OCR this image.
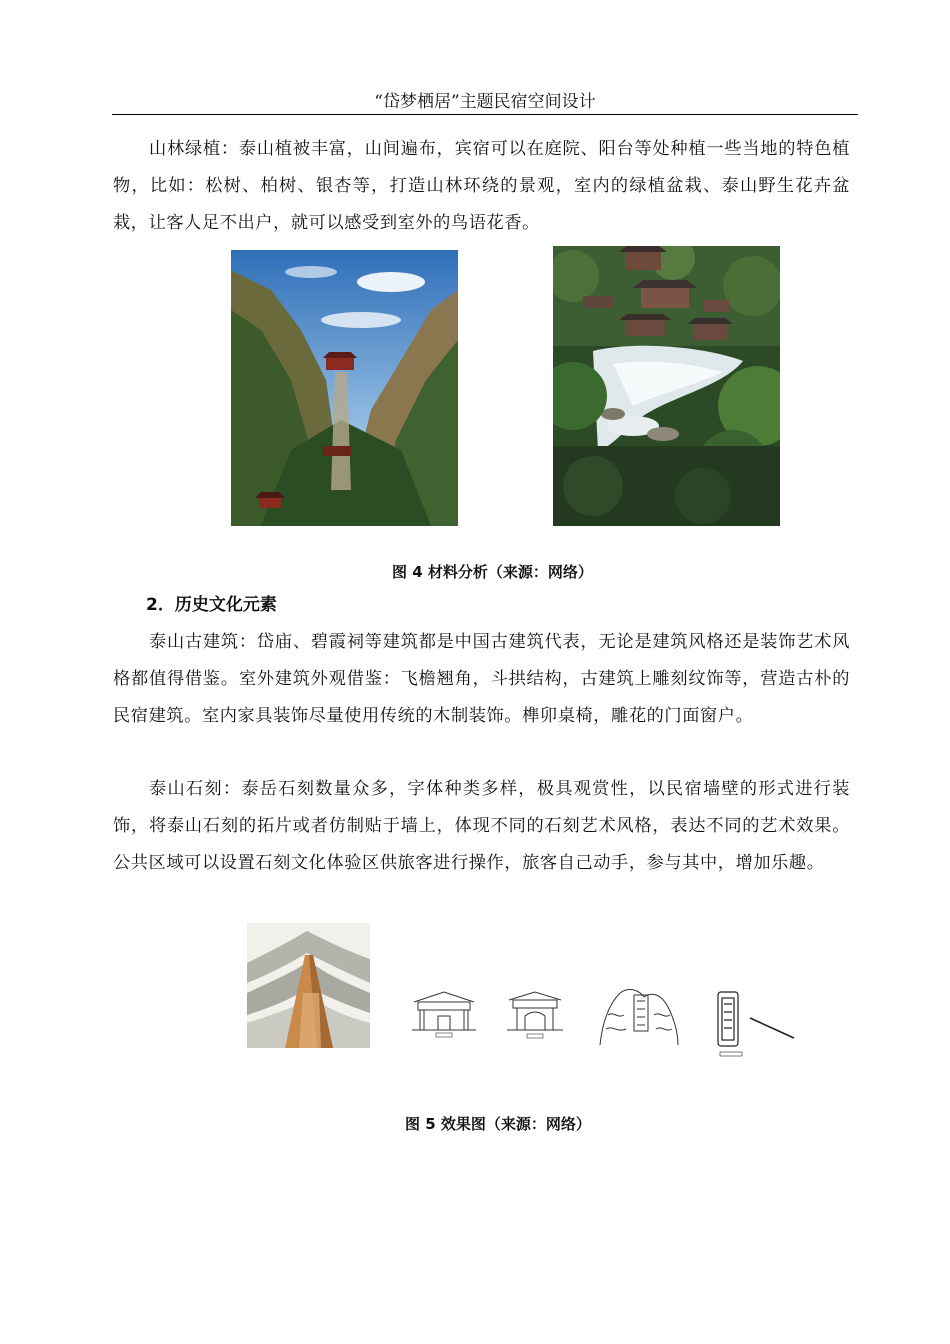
“岱梦栖居”主题民宿空间设计

山林绿植：泰山植被丰富，山间遍布，宾宿可以在庭院、阳台等处种植一些当地的特色植物，比如：松树、柏树、银杏等，打造山林环绕的景观，室内的绿植盆栽、泰山野生花卉盆栽，让客人足不出户，就可以感受到室外的鸟语花香。

图 4 材料分析（来源：网络）
2．历史文化元素

泰山古建筑：岱庙、碧霞祠等建筑都是中国古建筑代表，无论是建筑风格还是装饰艺术风格都值得借鉴。室外建筑外观借鉴：飞檐翘角，斗拱结构，古建筑上雕刻纹饰等，营造古朴的民宿建筑。室内家具装饰尽量使用传统的木制装饰。榫卯桌椅，雕花的门面窗户。

泰山石刻：泰岳石刻数量众多，字体种类多样，极具观赏性，以民宿墙壁的形式进行装饰，将泰山石刻的拓片或者仿制贴于墙上，体现不同的石刻艺术风格，表达不同的艺术效果。公共区域可以设置石刻文化体验区供旅客进行操作，旅客自己动手，参与其中，增加乐趣。

图 5 效果图（来源：网络）
